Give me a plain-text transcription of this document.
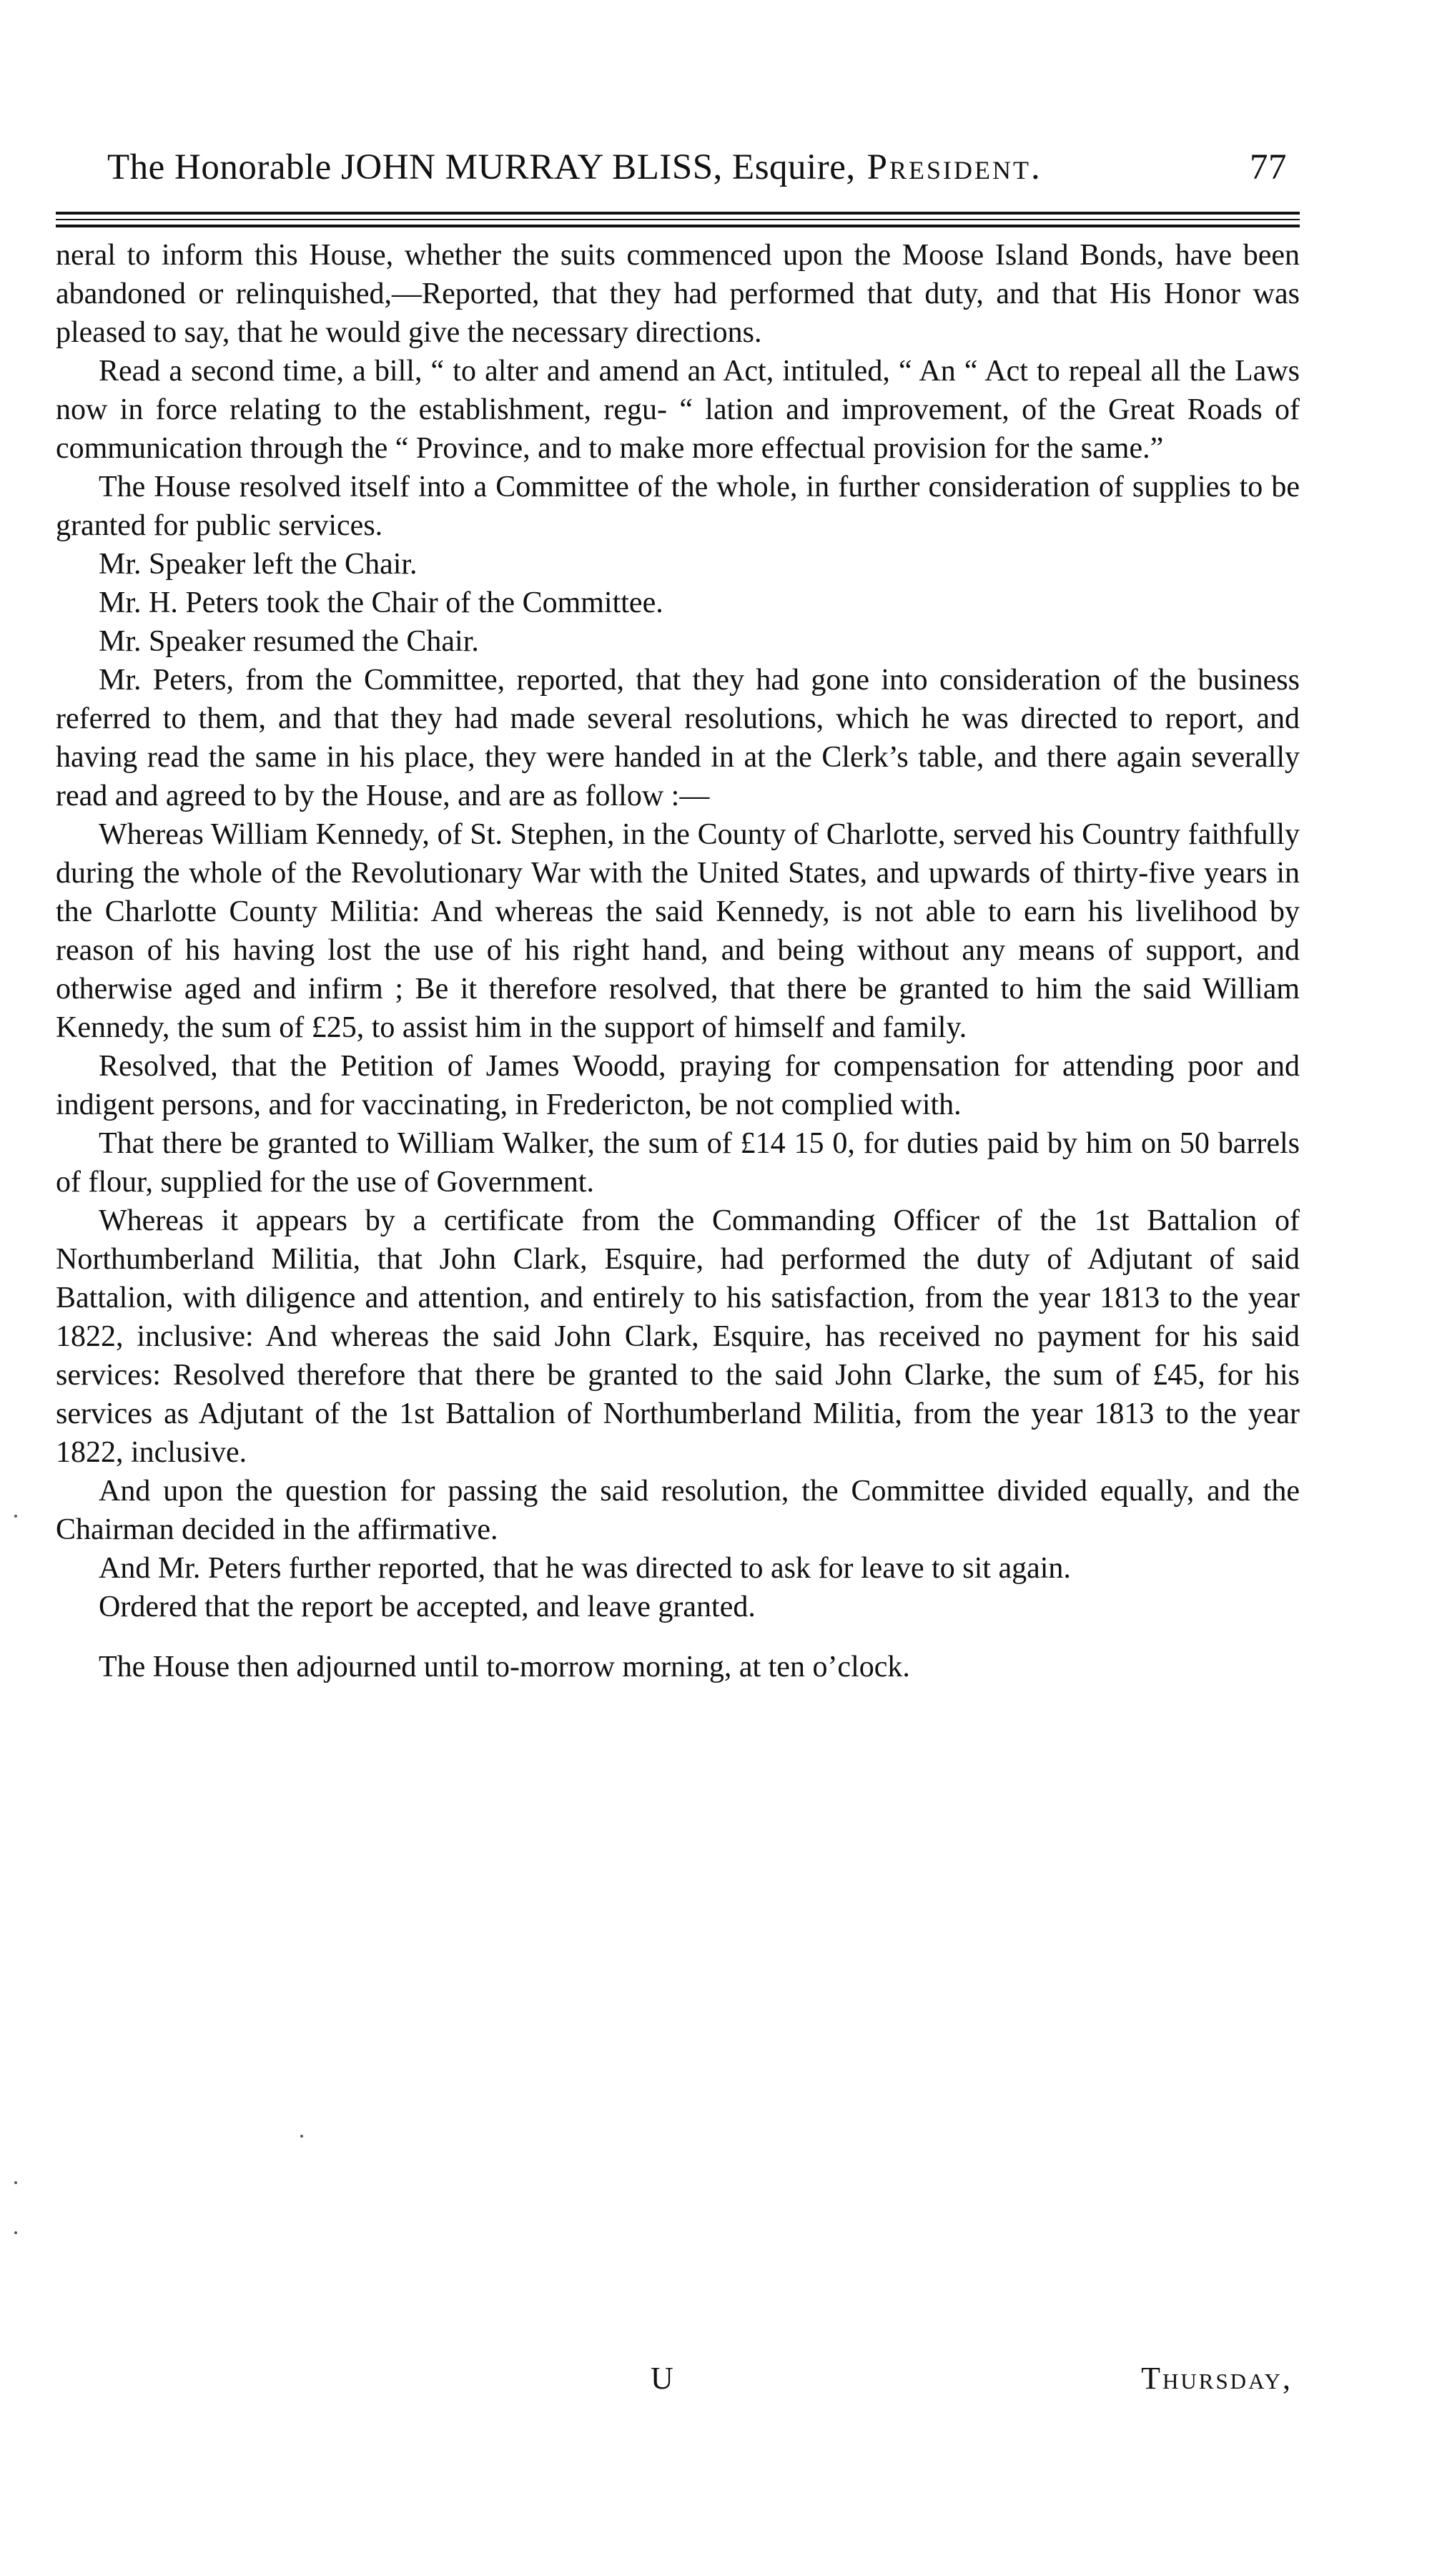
The Honorable JOHN MURRAY BLISS, Esquire, President.	77

neral to inform this House, whether the suits commenced upon the Moose Island Bonds, have been abandoned or relinquished,—Reported, that they had performed that duty, and that His Honor was pleased to say, that he would give the necessary directions.

Read a second time, a bill, “ to alter and amend an Act, intituled, “ An “ Act to repeal all the Laws now in force relating to the establishment, regu- “ lation and improvement, of the Great Roads of communication through the “ Province, and to make more effectual provision for the same.”

The House resolved itself into a Committee of the whole, in further consideration of supplies to be granted for public services.

Mr. Speaker left the Chair.

Mr. H. Peters took the Chair of the Committee.

Mr. Speaker resumed the Chair.

Mr. Peters, from the Committee, reported, that they had gone into consideration of the business referred to them, and that they had made several resolutions, which he was directed to report, and having read the same in his place, they were handed in at the Clerk’s table, and there again severally read and agreed to by the House, and are as follow :—

Whereas William Kennedy, of St. Stephen, in the County of Charlotte, served his Country faithfully during the whole of the Revolutionary War with the United States, and upwards of thirty-five years in the Charlotte County Militia: And whereas the said Kennedy, is not able to earn his livelihood by reason of his having lost the use of his right hand, and being without any means of support, and otherwise aged and infirm ; Be it therefore resolved, that there be granted to him the said William Kennedy, the sum of £25, to assist him in the support of himself and family.

Resolved, that the Petition of James Woodd, praying for compensation for attending poor and indigent persons, and for vaccinating, in Fredericton, be not complied with.

That there be granted to William Walker, the sum of £14 15 0, for duties paid by him on 50 barrels of flour, supplied for the use of Government.

Whereas it appears by a certificate from the Commanding Officer of the 1st Battalion of Northumberland Militia, that John Clark, Esquire, had performed the duty of Adjutant of said Battalion, with diligence and attention, and entirely to his satisfaction, from the year 1813 to the year 1822, inclusive: And whereas the said John Clark, Esquire, has received no payment for his said services: Resolved therefore that there be granted to the said John Clarke, the sum of £45, for his services as Adjutant of the 1st Battalion of Northumberland Militia, from the year 1813 to the year 1822, inclusive.

And upon the question for passing the said resolution, the Committee divided equally, and the Chairman decided in the affirmative.

And Mr. Peters further reported, that he was directed to ask for leave to sit again.

Ordered that the report be accepted, and leave granted.

The House then adjourned until to-morrow morning, at ten o’clock.

U	Thursday,
